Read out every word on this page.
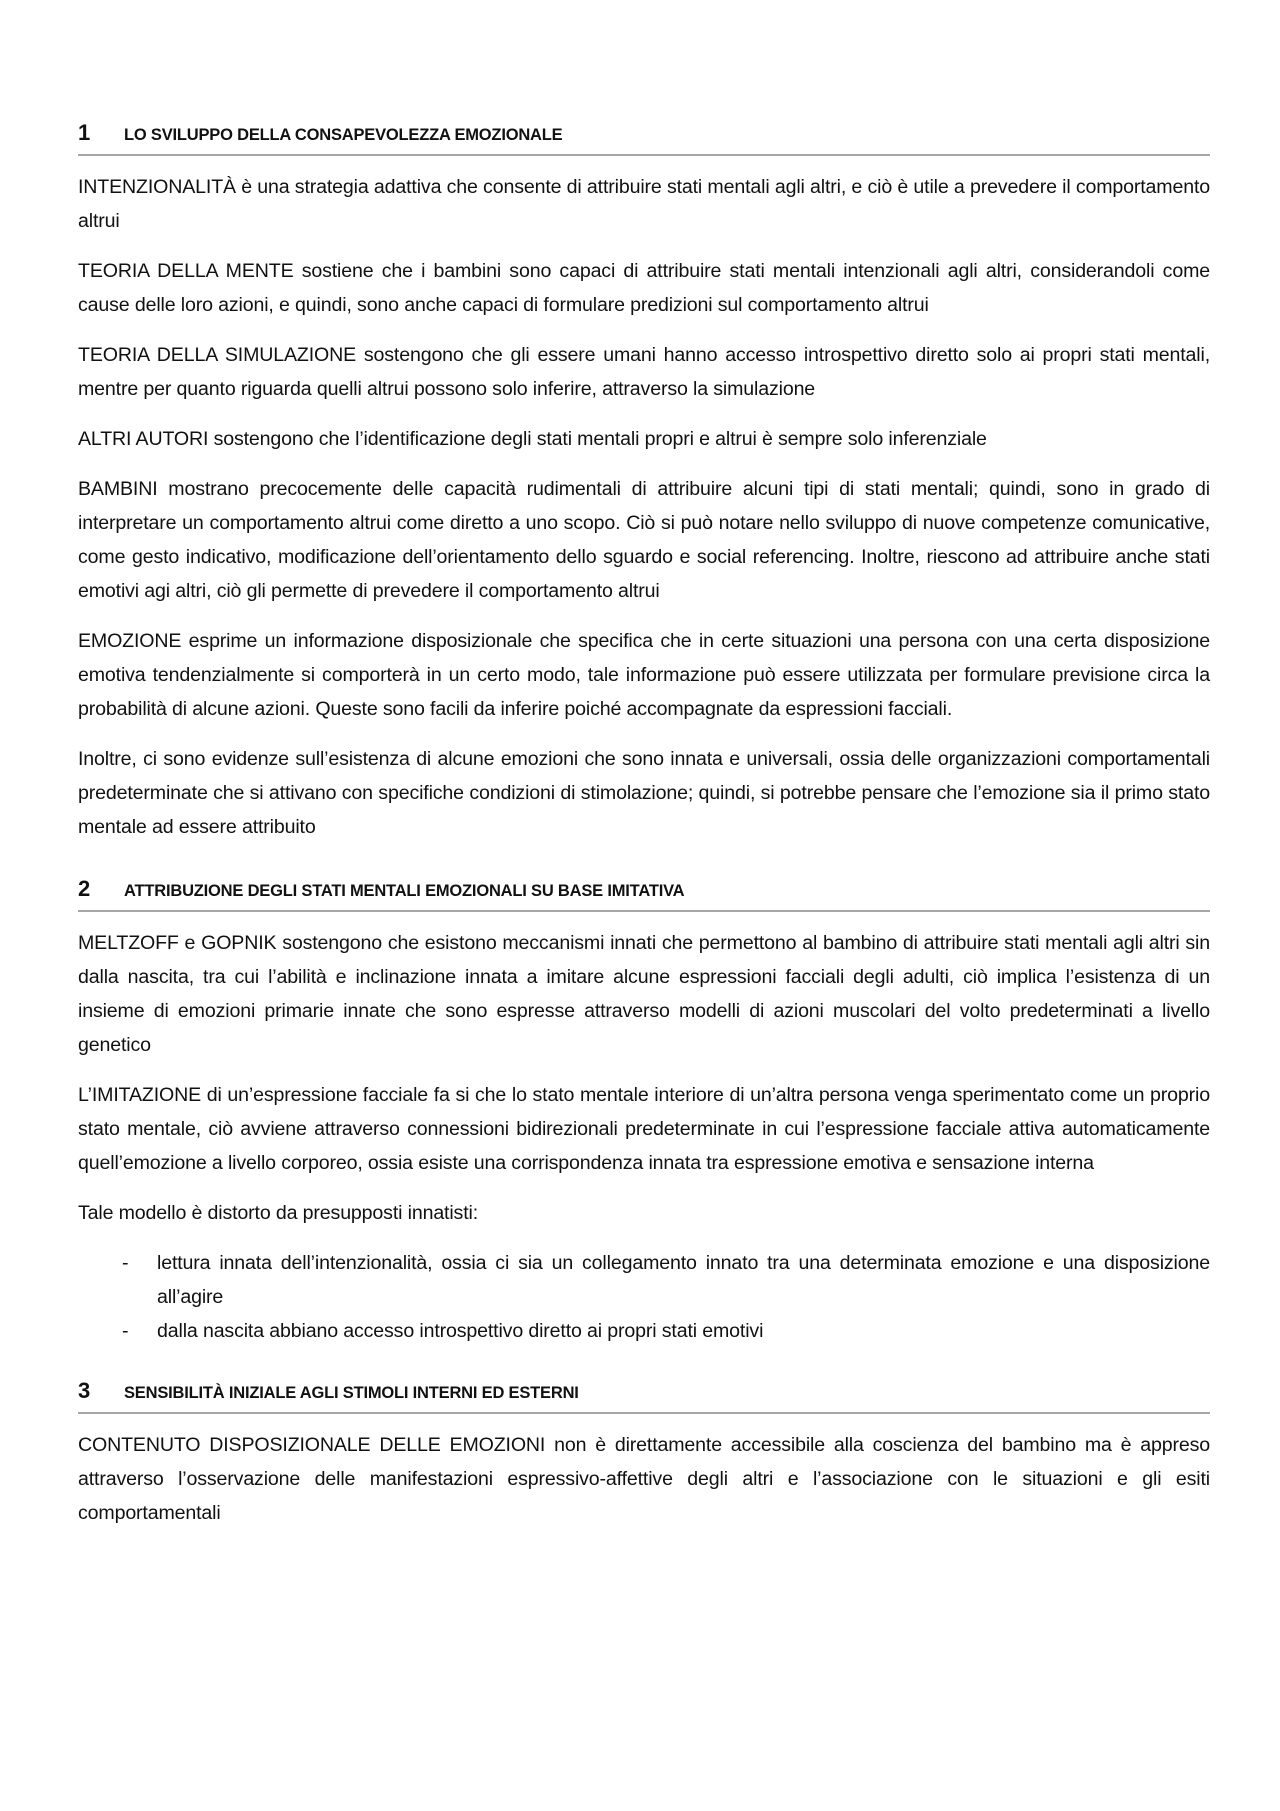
1	LO SVILUPPO DELLA CONSAPEVOLEZZA EMOZIONALE

INTENZIONALITÀ è una strategia adattiva che consente di attribuire stati mentali agli altri, e ciò è utile a prevedere il comportamento altrui

TEORIA DELLA MENTE sostiene che i bambini sono capaci di attribuire stati mentali intenzionali agli altri, considerandoli come cause delle loro azioni, e quindi, sono anche capaci di formulare predizioni sul comportamento altrui

TEORIA DELLA SIMULAZIONE sostengono che gli essere umani hanno accesso introspettivo diretto solo ai propri stati mentali, mentre per quanto riguarda quelli altrui possono solo inferire, attraverso la simulazione

ALTRI AUTORI sostengono che l’identificazione degli stati mentali propri e altrui è sempre solo inferenziale

BAMBINI mostrano precocemente delle capacità rudimentali di attribuire alcuni tipi di stati mentali; quindi, sono in grado di interpretare un comportamento altrui come diretto a uno scopo. Ciò si può notare nello sviluppo di nuove competenze comunicative, come gesto indicativo, modificazione dell’orientamento dello sguardo e social referencing. Inoltre, riescono ad attribuire anche stati emotivi agi altri, ciò gli permette di prevedere il comportamento altrui

EMOZIONE esprime un informazione disposizionale che specifica che in certe situazioni una persona con una certa disposizione emotiva tendenzialmente si comporterà in un certo modo, tale informazione può essere utilizzata per formulare previsione circa la probabilità di alcune azioni. Queste sono facili da inferire poiché accompagnate da espressioni facciali.

Inoltre, ci sono evidenze sull’esistenza di alcune emozioni che sono innata e universali, ossia delle organizzazioni comportamentali predeterminate che si attivano con specifiche condizioni di stimolazione; quindi, si potrebbe pensare che l’emozione sia il primo stato mentale ad essere attribuito

2	ATTRIBUZIONE DEGLI STATI MENTALI EMOZIONALI SU BASE IMITATIVA

MELTZOFF e GOPNIK sostengono che esistono meccanismi innati che permettono al bambino di attribuire stati mentali agli altri sin dalla nascita, tra cui l’abilità e inclinazione innata a imitare alcune espressioni facciali degli adulti, ciò implica l’esistenza di un insieme di emozioni primarie innate che sono espresse attraverso modelli di azioni muscolari del volto predeterminati a livello genetico

L’IMITAZIONE di un’espressione facciale fa si che lo stato mentale interiore di un’altra persona venga sperimentato come un proprio stato mentale, ciò avviene attraverso connessioni bidirezionali predeterminate in cui l’espressione facciale attiva automaticamente quell’emozione a livello corporeo, ossia esiste una corrispondenza innata tra espressione emotiva e sensazione interna

Tale modello è distorto da presupposti innatisti:

- lettura innata dell’intenzionalità, ossia ci sia un collegamento innato tra una determinata emozione e una disposizione all’agire
- dalla nascita abbiano accesso introspettivo diretto ai propri stati emotivi
3	SENSIBILITÀ INIZIALE AGLI STIMOLI INTERNI ED ESTERNI

CONTENUTO DISPOSIZIONALE DELLE EMOZIONI non è direttamente accessibile alla coscienza del bambino ma è appreso attraverso l’osservazione delle manifestazioni espressivo-affettive degli altri e l’associazione con le situazioni e gli esiti comportamentali
